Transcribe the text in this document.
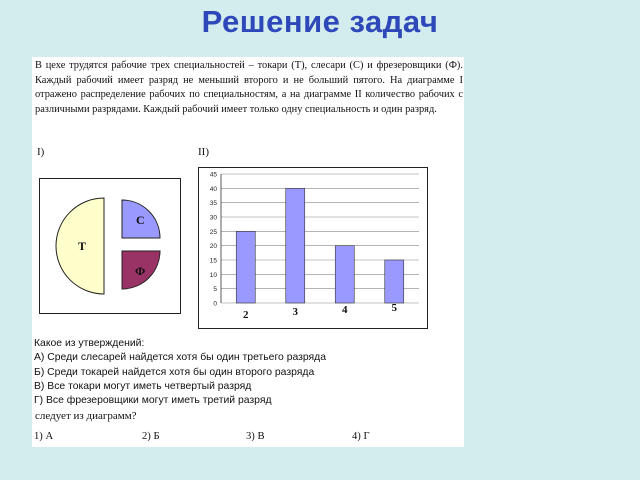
Решение задач
В цехе трудятся рабочие трех специальностей – токари (Т), слесари (С) и фрезеровщики (Ф). Каждый рабочий имеет разряд не меньший второго и не больший пятого. На диаграмме I отражено распределение рабочих по специальностям, а на диаграмме II количество рабочих с различными разрядами. Каждый рабочий имеет только одну специальность и один разряд.
I)	II)
Т
С
Ф
0
5
10
15
20
25
30
35
40
45
2	3	4	5
Какое из утверждений:
А) Среди слесарей найдется хотя бы один третьего разряда
Б) Среди токарей найдется хотя бы один второго разряда
В) Все токари могут иметь четвертый разряд
Г) Все фрезеровщики могут иметь третий разряд
следует из диаграмм?
1) А	2) Б	3) В	4) Г
